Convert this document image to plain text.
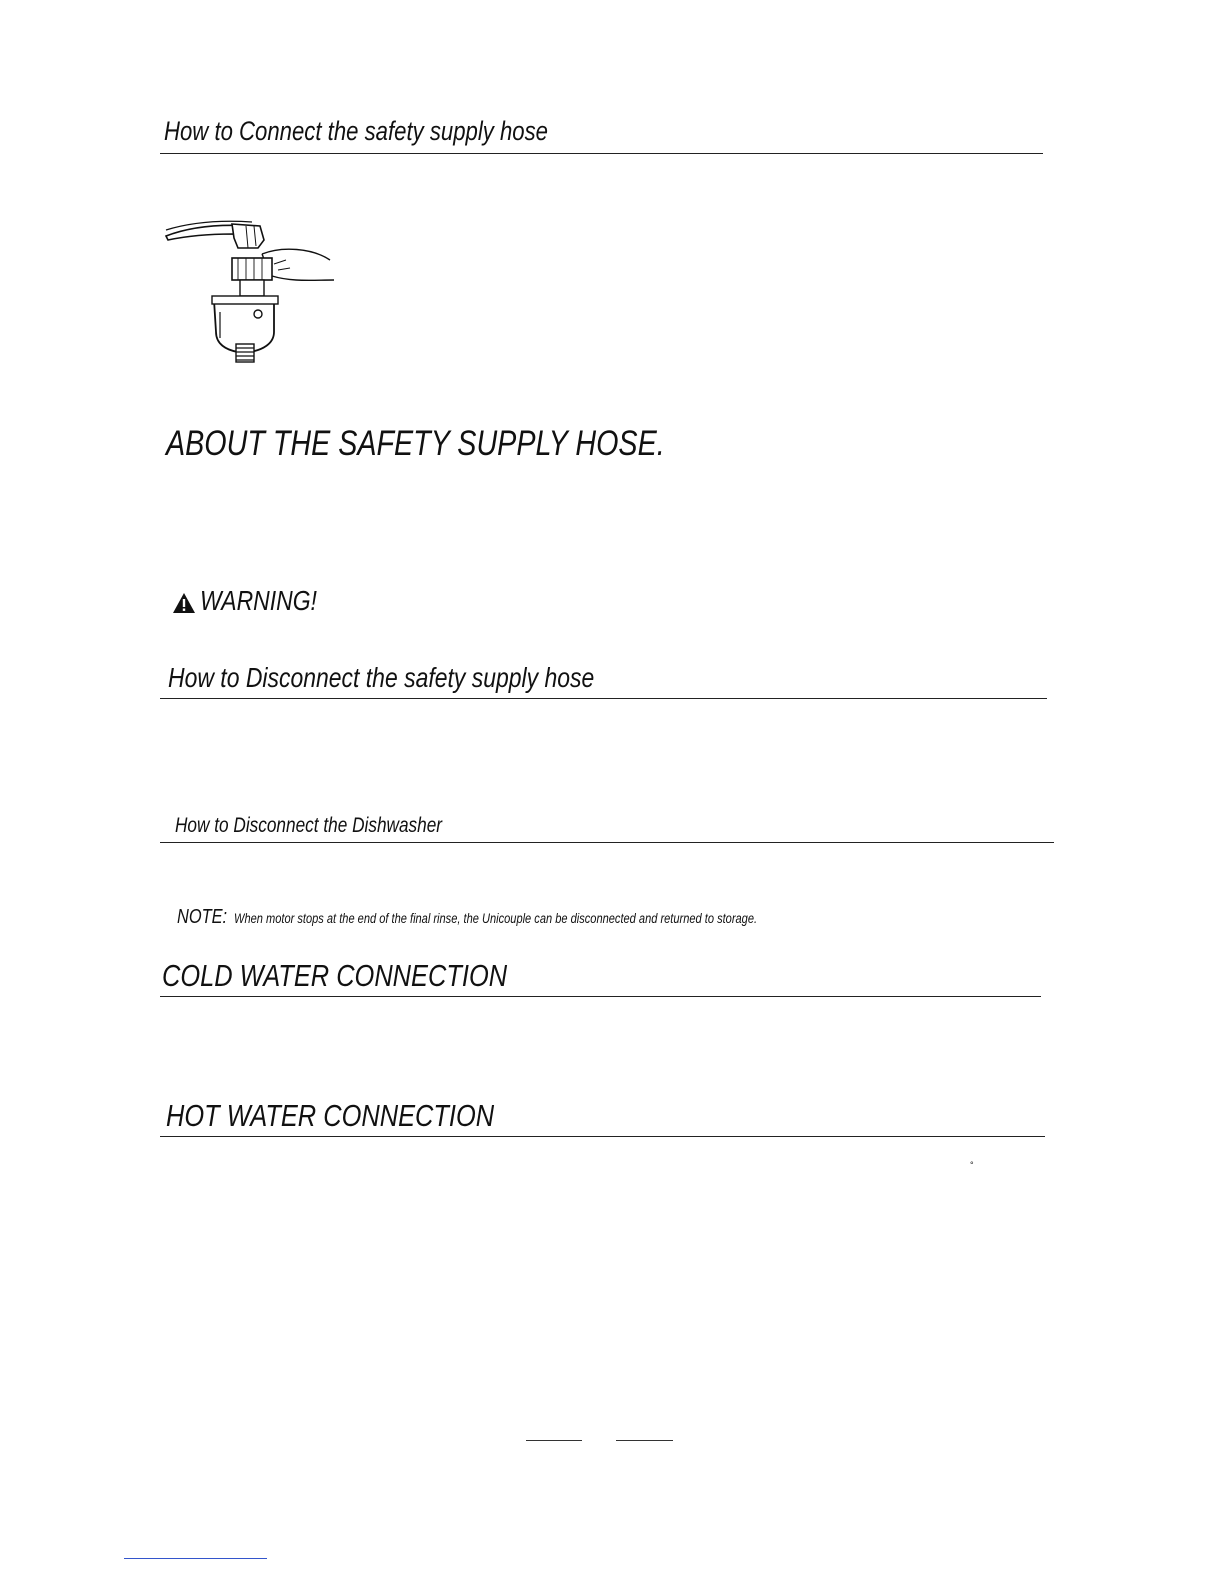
How to Connect the safety supply hose
ABOUT THE SAFETY SUPPLY HOSE.
WARNING!
How to Disconnect the safety supply hose
How to Disconnect the Dishwasher
NOTE: When motor stops at the end of the final rinse, the Unicouple can be disconnected and returned to storage.
COLD WATER CONNECTION
HOT WATER CONNECTION
°
